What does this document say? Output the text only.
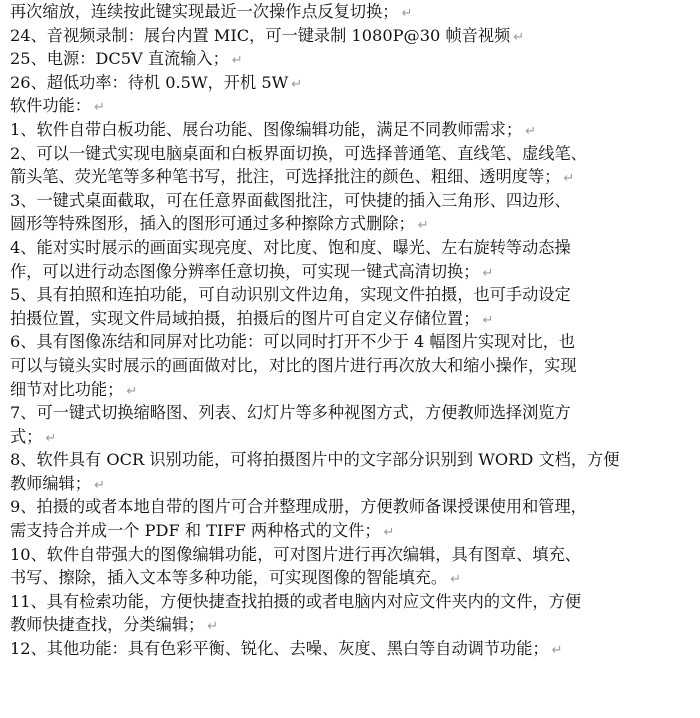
再次缩放，连续按此键实现最近一次操作点反复切换； ↵
24、音视频录制：展台内置 MIC，可一键录制 1080P@30 帧音视频 ↵
25、电源：DC5V 直流输入； ↵
26、超低功率：待机 0.5W，开机 5W ↵
软件功能： ↵
1、软件自带白板功能、展台功能、图像编辑功能，满足不同教师需求； ↵
2、可以一键式实现电脑桌面和白板界面切换，可选择普通笔、直线笔、虚线笔、
箭头笔、荧光笔等多种笔书写，批注，可选择批注的颜色、粗细、透明度等； ↵
3、一键式桌面截取，可在任意界面截图批注，可快捷的插入三角形、四边形、
圆形等特殊图形，插入的图形可通过多种擦除方式删除； ↵
4、能对实时展示的画面实现亮度、对比度、饱和度、曝光、左右旋转等动态操
作，可以进行动态图像分辨率任意切换，可实现一键式高清切换； ↵
5、具有拍照和连拍功能，可自动识别文件边角，实现文件拍摄，也可手动设定
拍摄位置，实现文件局域拍摄，拍摄后的图片可自定义存储位置； ↵
6、具有图像冻结和同屏对比功能：可以同时打开不少于 4 幅图片实现对比，也
可以与镜头实时展示的画面做对比，对比的图片进行再次放大和缩小操作，实现
细节对比功能； ↵
7、可一键式切换缩略图、列表、幻灯片等多种视图方式，方便教师选择浏览方
式； ↵
8、软件具有 OCR 识别功能，可将拍摄图片中的文字部分识别到 WORD 文档，方便
教师编辑； ↵
9、拍摄的或者本地自带的图片可合并整理成册，方便教师备课授课使用和管理，
需支持合并成一个 PDF 和 TIFF 两种格式的文件； ↵
10、软件自带强大的图像编辑功能，可对图片进行再次编辑，具有图章、填充、
书写、擦除，插入文本等多种功能，可实现图像的智能填充。 ↵
11、具有检索功能，方便快捷查找拍摄的或者电脑内对应文件夹内的文件，方便
教师快捷查找，分类编辑； ↵
12、其他功能：具有色彩平衡、锐化、去噪、灰度、黑白等自动调节功能； ↵
